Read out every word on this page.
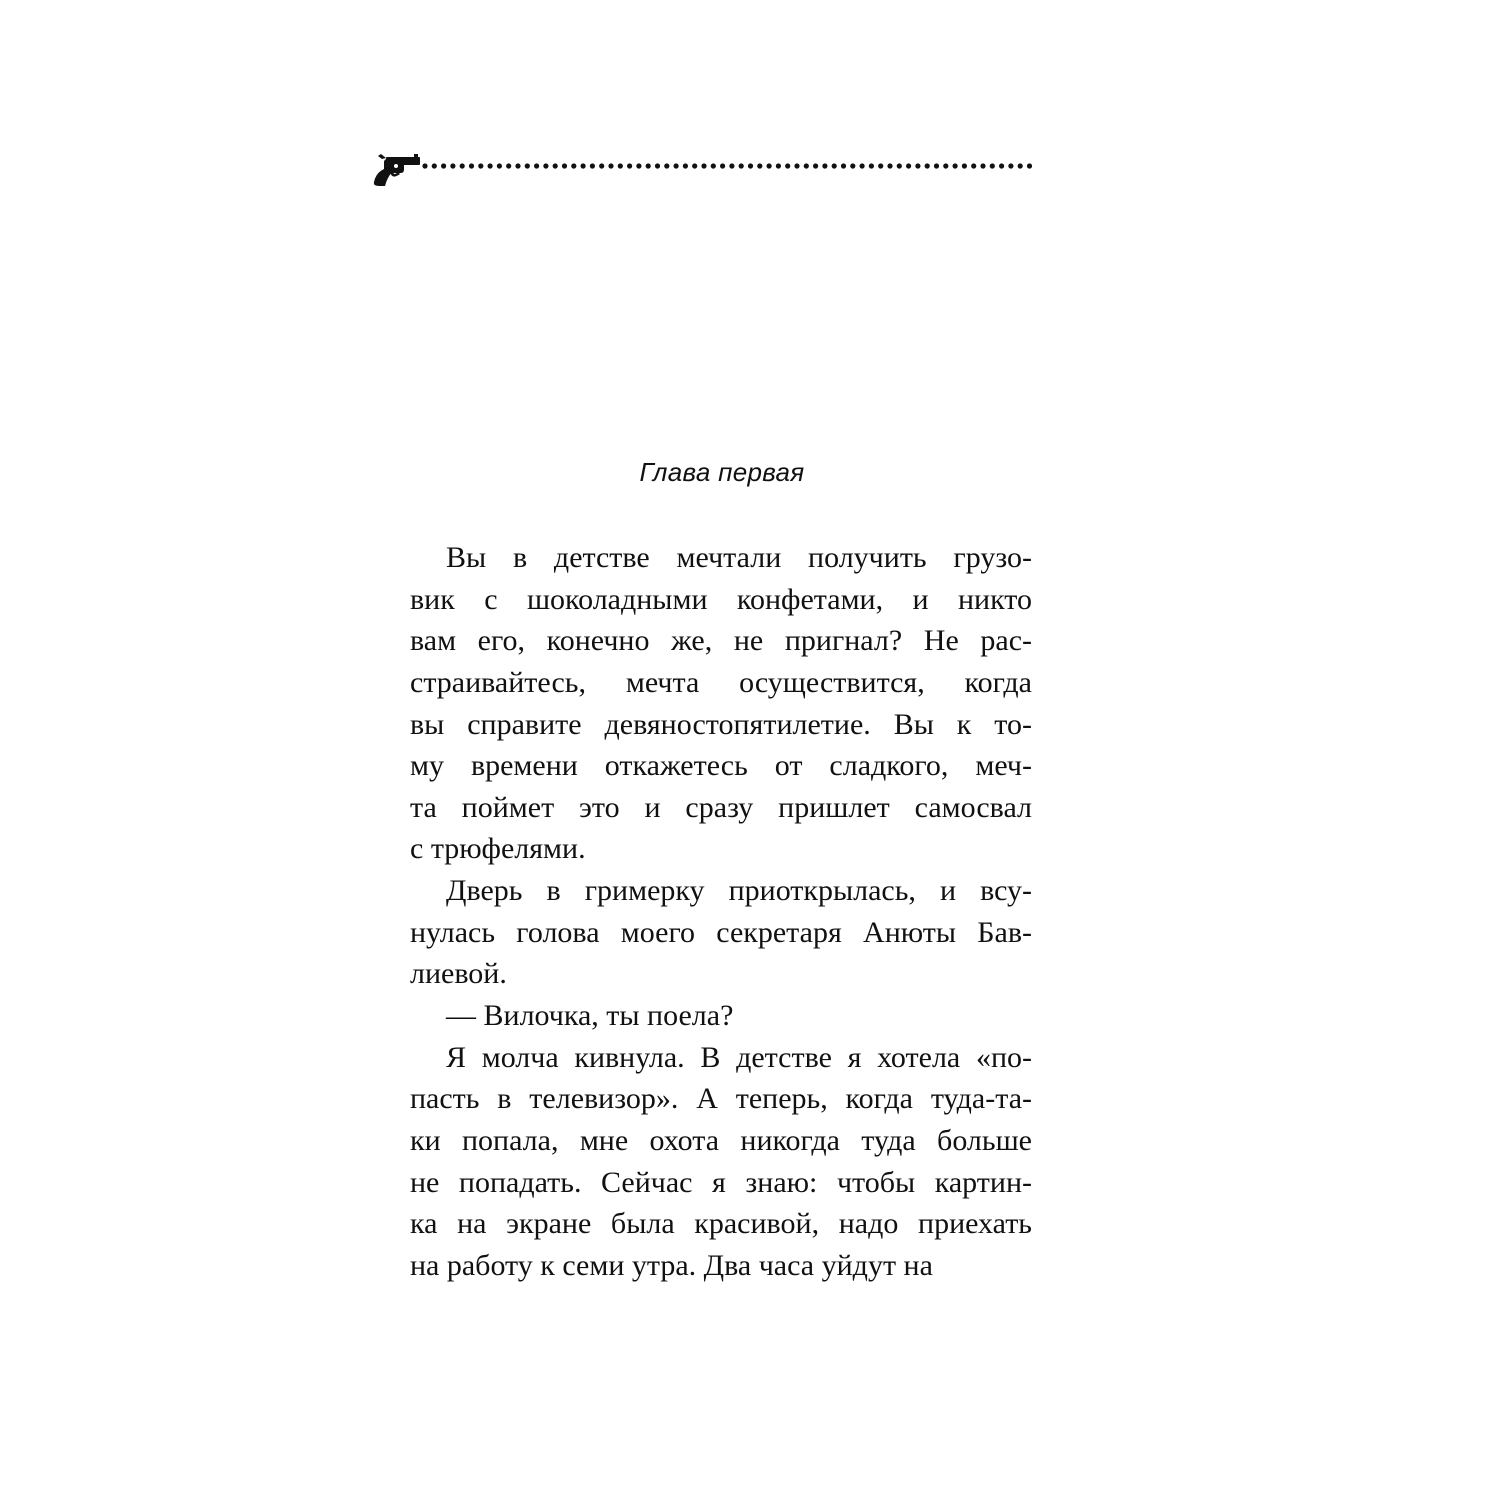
Глава первая
Вы в детстве мечтали получить грузо-
вик с шоколадными конфетами, и никто
вам его, конечно же, не пригнал? Не рас-
страивайтесь, мечта осуществится, когда
вы справите девяностопятилетие. Вы к то-
му времени откажетесь от сладкого, меч-
та поймет это и сразу пришлет самосвал
с трюфелями.
Дверь в гримерку приоткрылась, и всу-
нулась голова моего секретаря Анюты Бав-
лиевой.
— Вилочка, ты поела?
Я молча кивнула. В детстве я хотела «по-
пасть в телевизор». А теперь, когда туда-та-
ки попала, мне охота никогда туда больше
не попадать. Сейчас я знаю: чтобы картин-
ка на экране была красивой, надо приехать
на работу к семи утра. Два часа уйдут на
